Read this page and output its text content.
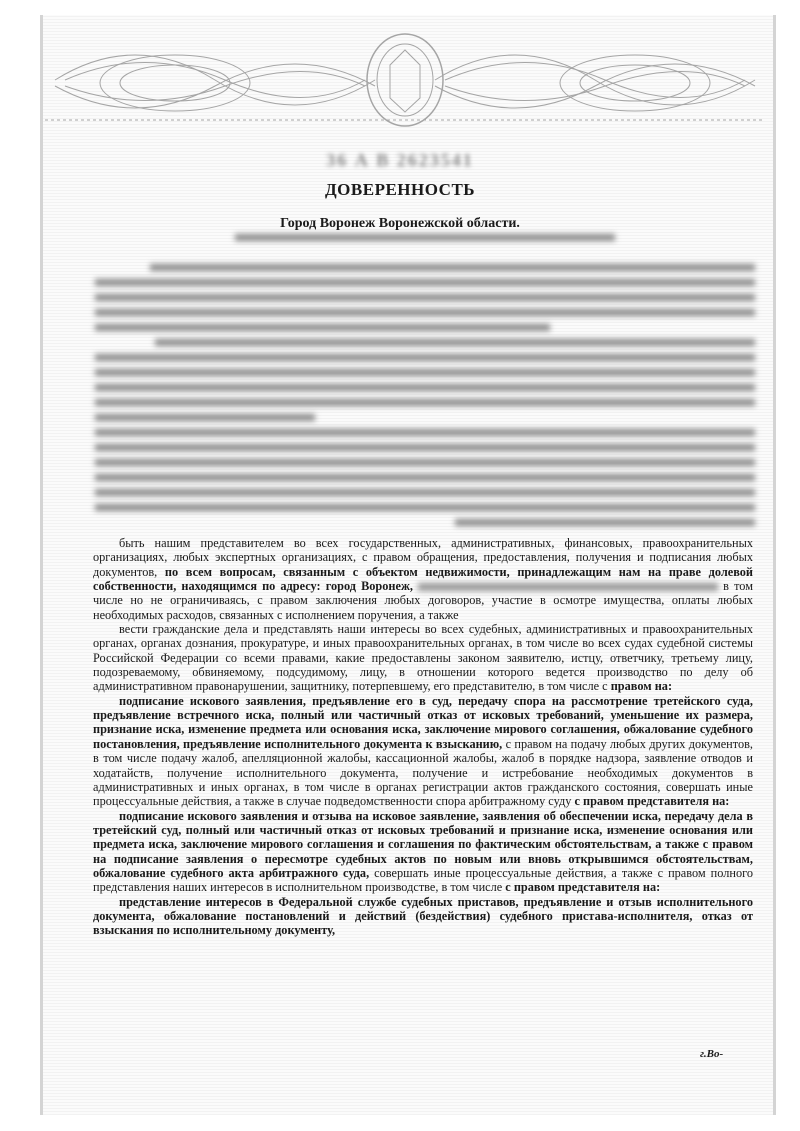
36 А В 2623541
ДОВЕРЕННОСТЬ
Город Воронеж Воронежской области.

быть нашим представителем во всех государственных, административных, финансовых, правоохранительных организациях, любых экспертных организациях, с правом обращения, предоставления, получения и подписания любых документов, по всем вопросам, связанным с объектом недвижимости, принадлежащим нам на праве долевой собственности, находящимся по адресу: город Воронеж,	в том числе но не ограничиваясь, с правом заключения любых договоров, участие в осмотре имущества, оплаты любых необходимых расходов, связанных с исполнением поручения, а также

вести гражданские дела и представлять наши интересы во всех судебных, административных и правоохранительных органах, органах дознания, прокуратуре, и иных правоохранительных органах, в том числе во всех судах судебной системы Российской Федерации со всеми правами, какие предоставлены законом заявителю, истцу, ответчику, третьему лицу, подозреваемому, обвиняемому, подсудимому, лицу, в отношении которого ведется производство по делу об административном правонарушении, защитнику, потерпевшему, его представителю, в том числе с правом на:

подписание искового заявления, предъявление его в суд, передачу спора на рассмотрение третейского суда, предъявление встречного иска, полный или частичный отказ от исковых требований, уменьшение их размера, признание иска, изменение предмета или основания иска, заключение мирового соглашения, обжалование судебного постановления, предъявление исполнительного документа к взысканию, с правом на подачу любых других документов, в том числе подачу жалоб, апелляционной жалобы, кассационной жалобы, жалоб в порядке надзора, заявление отводов и ходатайств, получение исполнительного документа, получение и истребование необходимых документов в административных и иных органах, в том числе в органах регистрации актов гражданского состояния, совершать иные процессуальные действия, а также в случае подведомственности спора арбитражному суду с правом представителя на:

подписание искового заявления и отзыва на исковое заявление, заявления об обеспечении иска, передачу дела в третейский суд, полный или частичный отказ от исковых требований и признание иска, изменение основания или предмета иска, заключение мирового соглашения и соглашения по фактическим обстоятельствам, а также с правом на подписание заявления о пересмотре судебных актов по новым или вновь открывшимся обстоятельствам, обжалование судебного акта арбитражного суда, совершать иные процессуальные действия, а также с правом полного представления наших интересов в исполнительном производстве, в том числе с правом представителя на:

представление интересов в Федеральной службе судебных приставов, предъявление и отзыв исполнительного документа, обжалование постановлений и действий (бездействия) судебного пристава-исполнителя, отказ от взыскания по исполнительному документу,

г.Во-
